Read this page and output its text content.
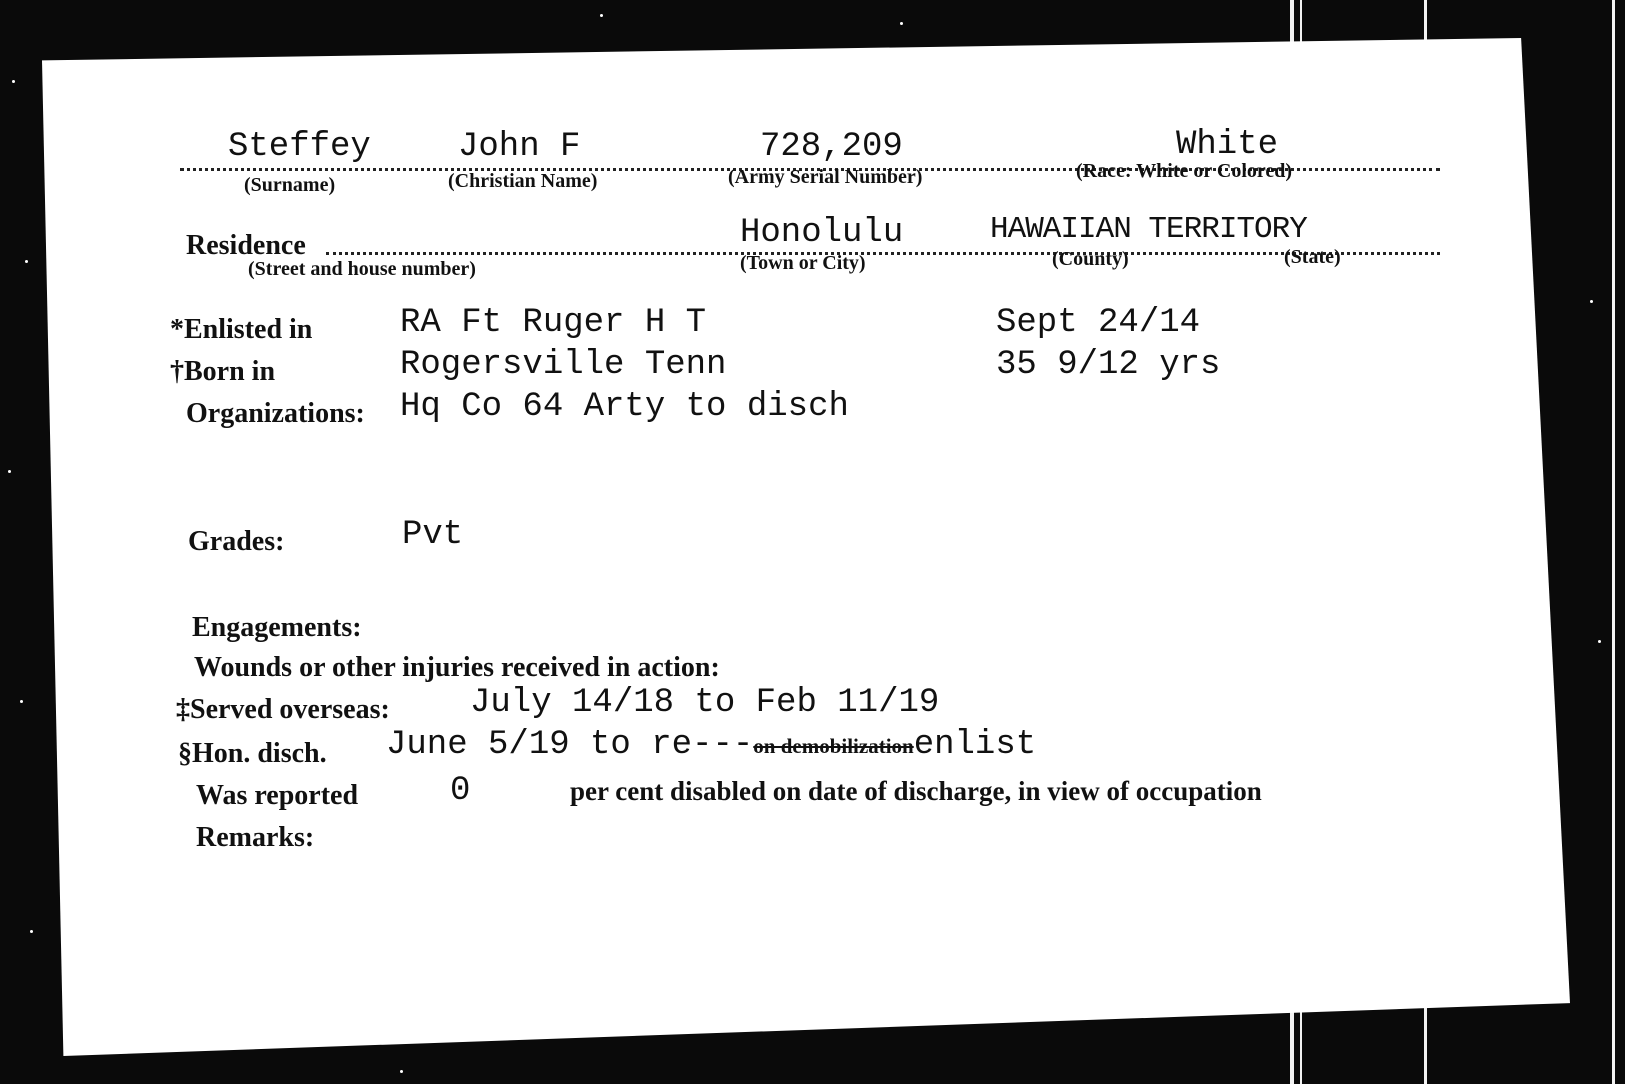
Steffey	John F	728,209	White
(Surname)	(Christian Name)	(Army Serial Number)	(Race: White or Colored)
Residence	Honolulu	HAWAIIAN TERRITORY
(Street and house number)	(Town or City)	(County)	(State)
*Enlisted in	RA Ft Ruger H T	Sept 24/14
†Born in	Rogersville Tenn	35 9/12 yrs
Organizations: Hq Co 64 Arty to disch
Grades:	Pvt
Engagements:
Wounds or other injuries received in action:
‡Served overseas: July 14/18 to Feb 11/19
§Hon. disch. June 5/19 to re---on demobilizationenlist
Was reported	0	per cent disabled on date of discharge, in view of occupation
Remarks:
